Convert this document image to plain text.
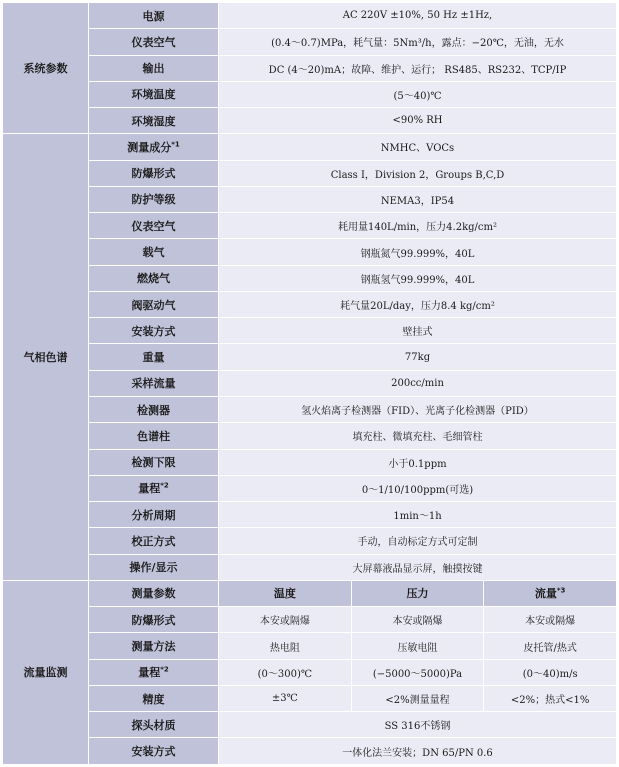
系统参数	电源	AC 220V ±10%, 50 Hz ±1Hz,		
	仪表空气	(0.4～0.7)MPa，耗气量：5Nm³/h，露点：−20℃，无油，无水		
	输出	DC (4～20)mA；故障、维护、运行； RS485、RS232、TCP/IP		
	环境温度	(5～40)℃		
	环境湿度	<90% RH		
气相色谱	测量成分$^{*1}$	NMHC、VOCs		
	防爆形式	Class Ⅰ，Division 2，Groups B,C,D		
	防护等级	NEMA3，IP54		
	仪表空气	耗用量140L/min，压力4.2kg/cm²		
	载气	钢瓶氮气99.999%，40L		
	燃烧气	钢瓶氢气99.999%，40L		
	阀驱动气	耗气量20L/day，压力8.4 kg/cm²		
	安装方式	壁挂式		
	重量	77kg		
	采样流量	200cc/min		
	检测器	氢火焰离子检测器（FID）、光离子化检测器（PID）		
	色谱柱	填充柱、微填充柱、毛细管柱		
	检测下限	小于0.1ppm		
	量程$^{*2}$	0～1/10/100ppm(可选)		
	分析周期	1min～1h		
	校正方式	手动，自动标定方式可定制		
	操作/显示	大屏幕液晶显示屏，触摸按键		
流量监测	测量参数	温度	压力	流量$^{*3}$
	防爆形式	本安或隔爆	本安或隔爆	本安或隔爆
	测量方法	热电阻	压敏电阻	皮托管/热式
	量程$^{*2}$	(0～300)℃	(−5000～5000)Pa	(0～40)m/s
	精度	±3℃	<2%测量量程	<2%；热式<1%
	探头材质	SS 316不锈钢		
	安装方式	一体化法兰安装；DN 65/PN 0.6		
